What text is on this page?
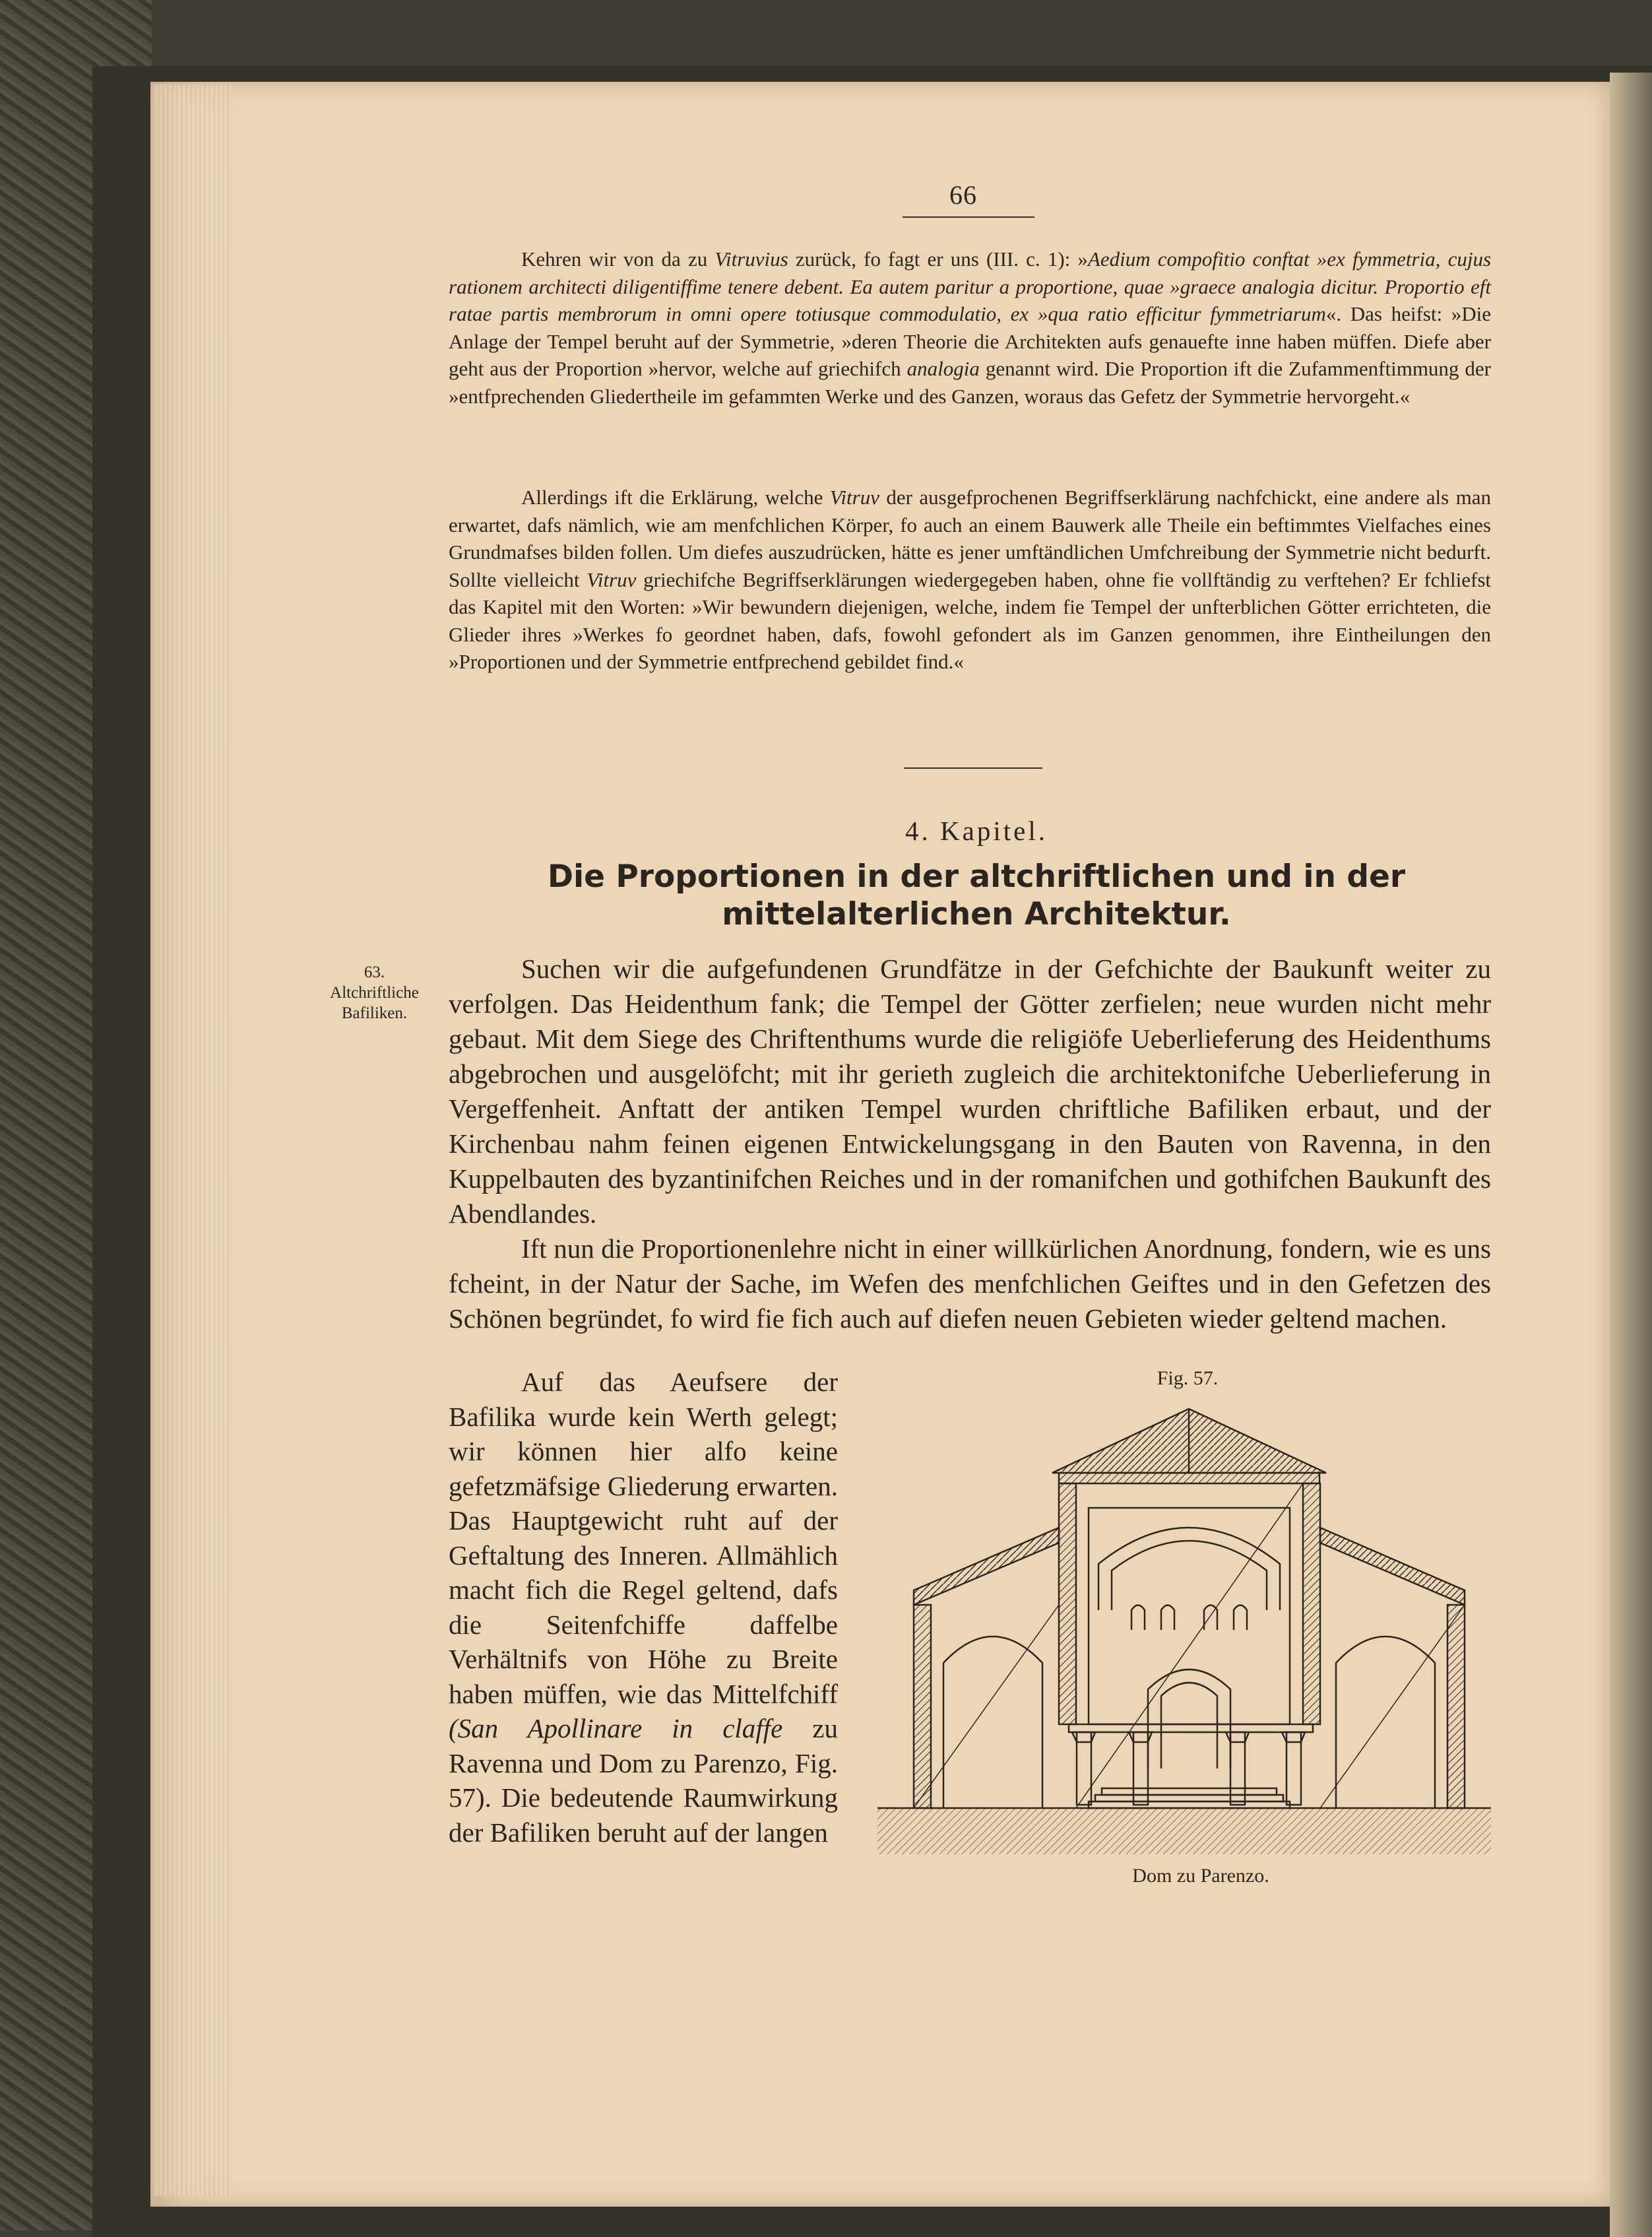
66

Kehren wir von da zu Vitruvius zurück, fo fagt er uns (III. c. 1): »Aedium compofitio conftat »ex fymmetria, cujus rationem architecti diligentiffime tenere debent. Ea autem paritur a proportione, quae »graece analogia dicitur. Proportio eft ratae partis membrorum in omni opere totiusque commodulatio, ex »qua ratio efficitur fymmetriarum«. Das heifst: »Die Anlage der Tempel beruht auf der Symmetrie, »deren Theorie die Architekten aufs genauefte inne haben müffen. Diefe aber geht aus der Proportion »hervor, welche auf griechifch analogia genannt wird. Die Proportion ift die Zufammenftimmung der »entfprechenden Gliedertheile im gefammten Werke und des Ganzen, woraus das Gefetz der Symmetrie hervorgeht.«

Allerdings ift die Erklärung, welche Vitruv der ausgefprochenen Begriffserklärung nachfchickt, eine andere als man erwartet, dafs nämlich, wie am menfchlichen Körper, fo auch an einem Bauwerk alle Theile ein beftimmtes Vielfaches eines Grundmafses bilden follen. Um diefes auszudrücken, hätte es jener umftändlichen Umfchreibung der Symmetrie nicht bedurft. Sollte vielleicht Vitruv griechifche Begriffserklärungen wiedergegeben haben, ohne fie vollftändig zu verftehen? Er fchliefst das Kapitel mit den Worten: »Wir bewundern diejenigen, welche, indem fie Tempel der unfterblichen Götter errichteten, die Glieder ihres »Werkes fo geordnet haben, dafs, fowohl gefondert als im Ganzen genommen, ihre Eintheilungen den »Proportionen und der Symmetrie entfprechend gebildet find.«

4. Kapitel.
Die Proportionen in der altchriftlichen und in der mittelalterlichen Architektur.
63.
Altchriftliche Bafiliken.

Suchen wir die aufgefundenen Grundfätze in der Gefchichte der Baukunft weiter zu verfolgen. Das Heidenthum fank; die Tempel der Götter zerfielen; neue wurden nicht mehr gebaut. Mit dem Siege des Chriftenthums wurde die religiöfe Ueberlieferung des Heidenthums abgebrochen und ausgelöfcht; mit ihr gerieth zugleich die architektonifche Ueberlieferung in Vergeffenheit. Anftatt der antiken Tempel wurden chriftliche Bafiliken erbaut, und der Kirchenbau nahm feinen eigenen Entwickelungsgang in den Bauten von Ravenna, in den Kuppelbauten des byzantinifchen Reiches und in der romanifchen und gothifchen Baukunft des Abendlandes.

Ift nun die Proportionenlehre nicht in einer willkürlichen Anordnung, fondern, wie es uns fcheint, in der Natur der Sache, im Wefen des menfchlichen Geiftes und in den Gefetzen des Schönen begründet, fo wird fie fich auch auf diefen neuen Gebieten wieder geltend machen.

Auf das Aeufsere der Bafilika wurde kein Werth gelegt; wir können hier alfo keine gefetzmäfsige Gliederung erwarten. Das Hauptgewicht ruht auf der Geftaltung des Inneren. Allmählich macht fich die Regel geltend, dafs die Seitenfchiffe daffelbe Verhältnifs von Höhe zu Breite haben müffen, wie das Mittelfchiff (San Apollinare in claffe zu Ravenna und Dom zu Parenzo, Fig. 57). Die bedeutende Raumwirkung der Bafiliken beruht auf der langen

Fig. 57.
Dom zu Parenzo.
